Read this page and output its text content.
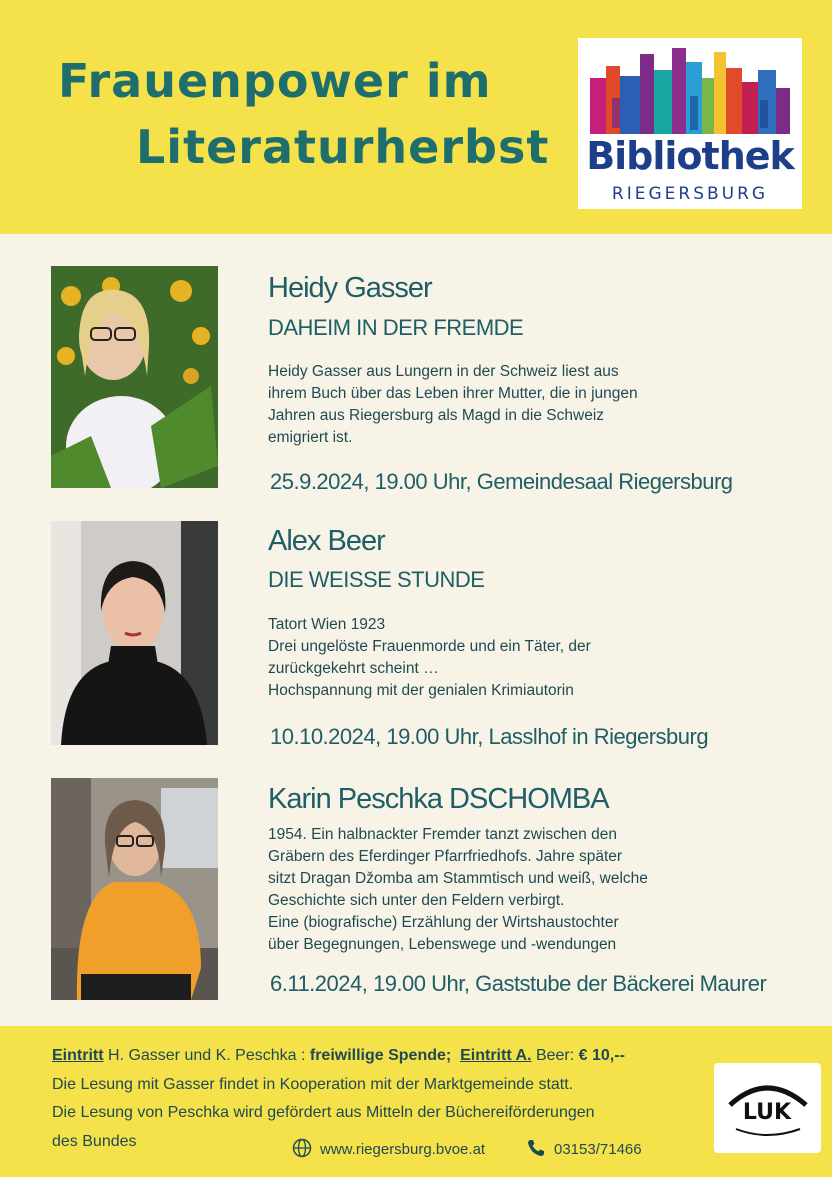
Frauenpower im
Literaturherbst Bibliothek
RIEGERSBURG
Heidy Gasser
DAHEIM IN DER FREMDE
Heidy Gasser aus Lungern in der Schweiz liest aus
ihrem Buch über das Leben ihrer Mutter, die in jungen
Jahren aus Riegersburg als Magd in die Schweiz
emigriert ist.
25.9.2024, 19.00 Uhr, Gemeindesaal Riegersburg
Alex Beer
DIE WEISSE STUNDE
Tatort Wien 1923
Drei ungelöste Frauenmorde und ein Täter, der
zurückgekehrt scheint …
Hochspannung mit der genialen Krimiautorin
10.10.2024, 19.00 Uhr, Lasslhof in Riegersburg
Karin Peschka DSCHOMBA
1954. Ein halbnackter Fremder tanzt zwischen den
Gräbern des Eferdinger Pfarrfriedhofs. Jahre später
sitzt Dragan Džomba am Stammtisch und weiß, welche
Geschichte sich unter den Feldern verbirgt.
Eine (biografische) Erzählung der Wirtshaustochter
über Begegnungen, Lebenswege und -wendungen
6.11.2024, 19.00 Uhr, Gaststube der Bäckerei Maurer
Eintritt H. Gasser und K. Peschka : freiwillige Spende; Eintritt A. Beer: € 10,--
Die Lesung mit Gasser findet in Kooperation mit der Marktgemeinde statt.
Die Lesung von Peschka wird gefördert aus Mitteln der Büchereiförderungen
des Bundes	www.riegersburg.bvoe.at	03153/71466
LUK
